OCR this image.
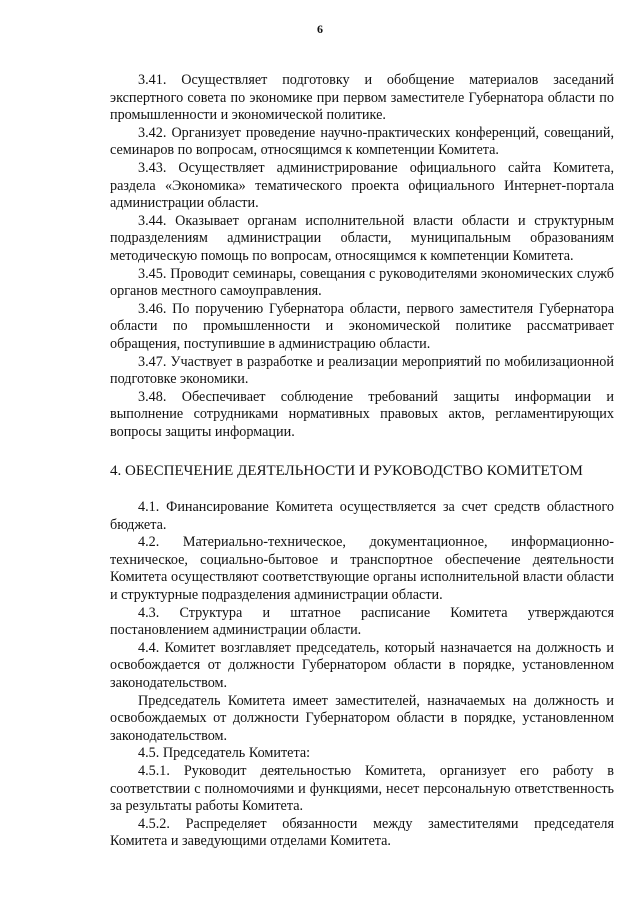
6

3.41. Осуществляет подготовку и обобщение материалов заседаний экспертного совета по экономике при первом заместителе Губернатора области по промышленности и экономической политике.

3.42. Организует проведение научно-практических конференций, совещаний, семинаров по вопросам, относящимся к компетенции Комитета.

3.43. Осуществляет администрирование официального сайта Комитета, раздела «Экономика» тематического проекта официального Интернет-портала администрации области.

3.44. Оказывает органам исполнительной власти области и структурным подразделениям администрации области, муниципальным образованиям методическую помощь по вопросам, относящимся к компетенции Комитета.

3.45. Проводит семинары, совещания с руководителями экономических служб органов местного самоуправления.

3.46. По поручению Губернатора области, первого заместителя Губернатора области по промышленности и экономической политике рассматривает обращения, поступившие в администрацию области.

3.47. Участвует в разработке и реализации мероприятий по мобилизационной подготовке экономики.

3.48. Обеспечивает соблюдение требований защиты информации и выполнение сотрудниками нормативных правовых актов, регламентирующих вопросы защиты информации.

4. ОБЕСПЕЧЕНИЕ ДЕЯТЕЛЬНОСТИ И РУКОВОДСТВО КОМИТЕТОМ

4.1. Финансирование Комитета осуществляется за счет средств областного бюджета.

4.2. Материально-техническое, документационное, информационно-техническое, социально-бытовое и транспортное обеспечение деятельности Комитета осуществляют соответствующие органы исполнительной власти области и структурные подразделения администрации области.

4.3. Структура и штатное расписание Комитета утверждаются постановлением администрации области.

4.4. Комитет возглавляет председатель, который назначается на должность и освобождается от должности Губернатором области в порядке, установленном законодательством.

Председатель Комитета имеет заместителей, назначаемых на должность и освобождаемых от должности Губернатором области в порядке, установленном законодательством.

4.5. Председатель Комитета:

4.5.1. Руководит деятельностью Комитета, организует его работу в соответствии с полномочиями и функциями, несет персональную ответственность за результаты работы Комитета.

4.5.2. Распределяет обязанности между заместителями председателя Комитета и заведующими отделами Комитета.
